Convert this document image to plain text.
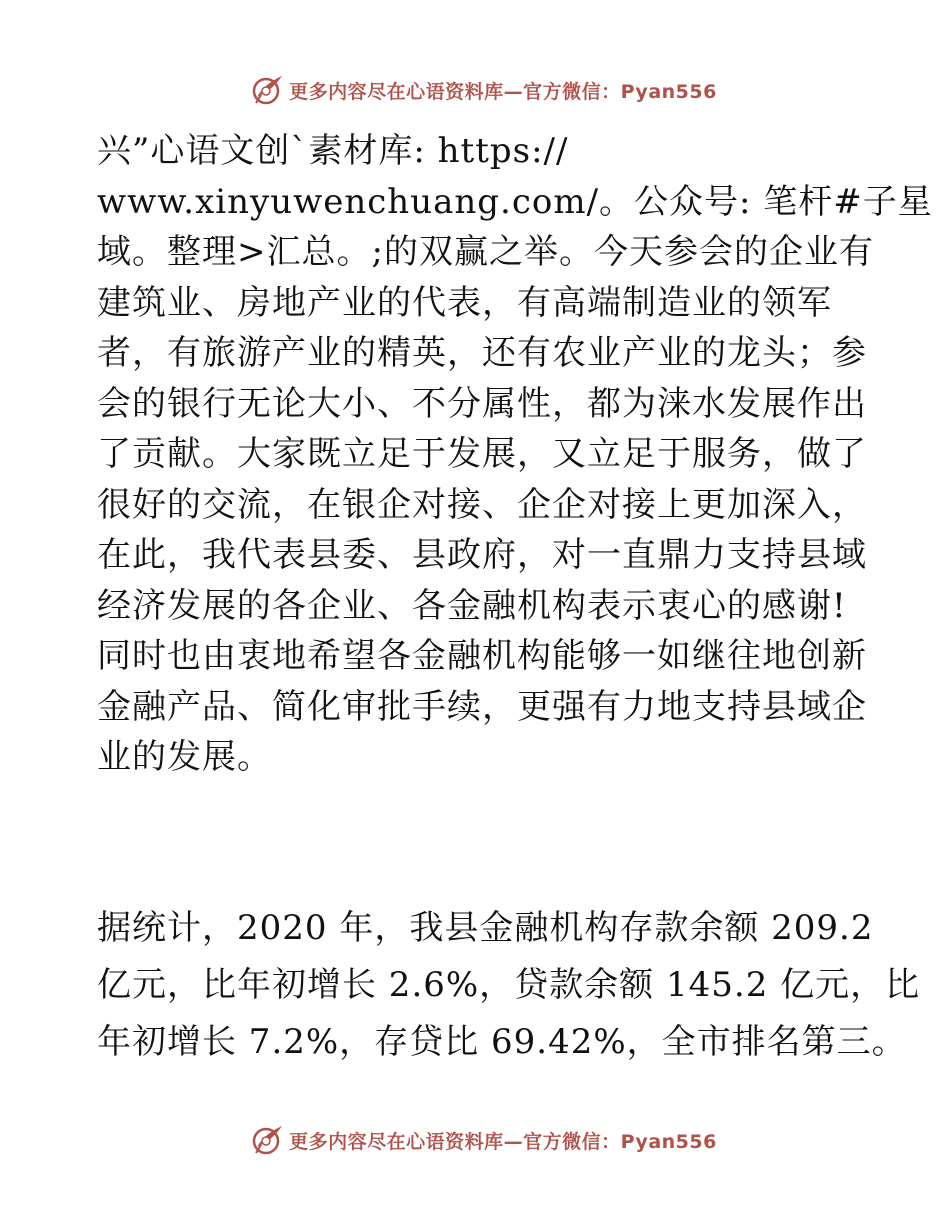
更多内容尽在心语资料库—官方微信：Pyan556
兴”心语文创`素材库: https://
www.xinyuwenchuang.com/。公众号: 笔杆#子星
域。整理>汇总。;的双赢之举。今天参会的企业有
建筑业、房地产业的代表，有高端制造业的领军
者，有旅游产业的精英，还有农业产业的龙头；参
会的银行无论大小、不分属性，都为涞水发展作出
了贡献。大家既立足于发展，又立足于服务，做了
很好的交流，在银企对接、企企对接上更加深入，
在此，我代表县委、县政府，对一直鼎力支持县域
经济发展的各企业、各金融机构表示衷心的感谢!
同时也由衷地希望各金融机构能够一如继往地创新
金融产品、简化审批手续，更强有力地支持县域企
业的发展。
据统计，2020 年，我县金融机构存款余额 209.2
亿元，比年初增长 2.6%，贷款余额 145.2 亿元，比
年初增长 7.2%，存贷比 69.42%，全市排名第三。
更多内容尽在心语资料库—官方微信：Pyan556
